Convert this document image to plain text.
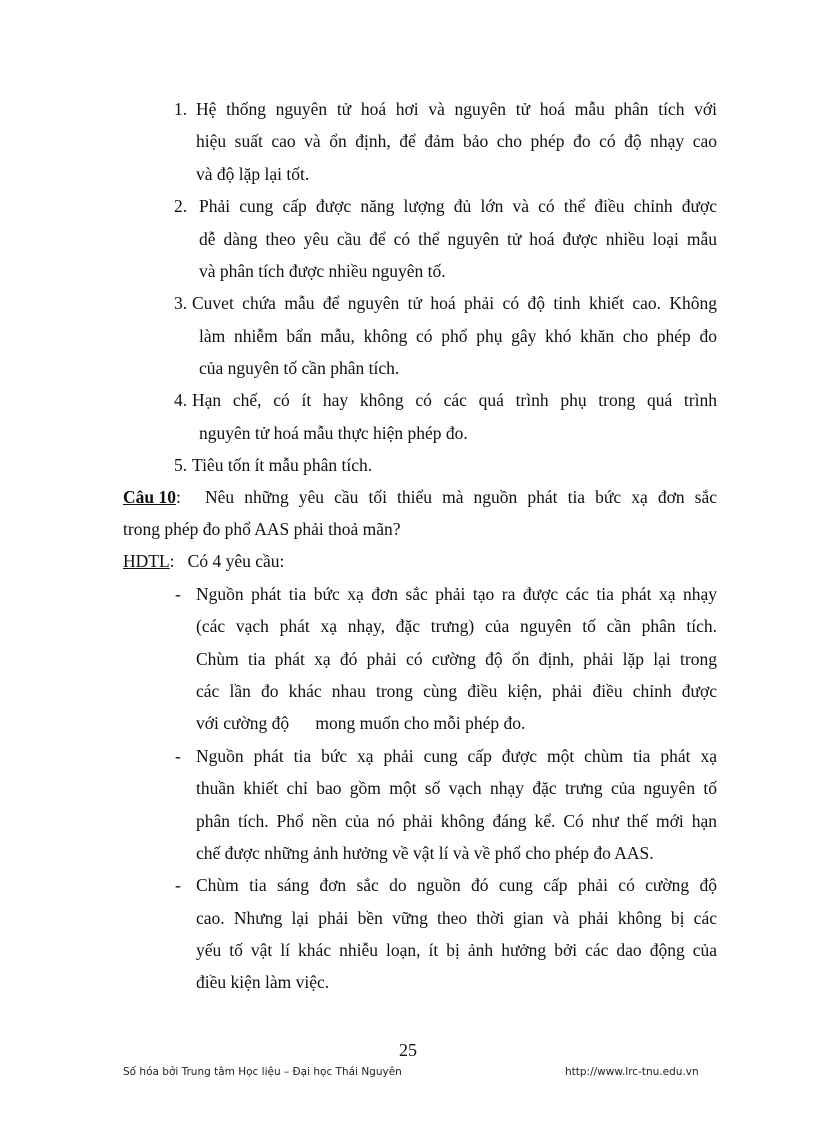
1. Hệ thống nguyên tử hoá hơi và nguyên tử hoá mẫu phân tích với
hiệu suất cao và ổn định, để đảm bảo cho phép đo có độ nhạy cao
và độ lặp lại tốt.
2. Phải cung cấp được năng lượng đủ lớn và có thể điều chỉnh được
dễ dàng theo yêu cầu để có thể nguyên tử hoá được nhiều loại mẫu
và phân tích được nhiều nguyên tố.
3. Cuvet chứa mẫu để nguyên tử hoá phải có độ tinh khiết cao. Không
làm nhiễm bẩn mẫu, không có phổ phụ gây khó khăn cho phép đo
của nguyên tố cần phân tích.
4. Hạn chế, có ít hay không có các quá trình phụ trong quá trình
nguyên tử hoá mẫu thực hiện phép đo.
5. Tiêu tốn ít mẫu phân tích.
Câu 10: Nêu những yêu cầu tối thiểu mà nguồn phát tia bức xạ đơn sắc
trong phép đo phổ AAS phải thoả mãn?
HDTL:   Có 4 yêu cầu:
- Nguồn phát tia bức xạ đơn sắc phải tạo ra được các tia phát xạ nhạy
(các vạch phát xạ nhạy, đặc trưng) của nguyên tố cần phân tích.
Chùm tia phát xạ đó phải có cường độ ổn định, phải lặp lại trong
các lần đo khác nhau trong cùng điều kiện, phải điều chỉnh được
với cường độ      mong muốn cho mỗi phép đo.
- Nguồn phát tia bức xạ phải cung cấp được một chùm tia phát xạ
thuần khiết chỉ bao gồm một số vạch nhạy đặc trưng của nguyên tố
phân tích. Phổ nền của nó phải không đáng kể. Có như thế mới hạn
chế được những ảnh hưởng về vật lí và về phổ cho phép đo AAS.
- Chùm tia sáng đơn sắc do nguồn đó cung cấp phải có cường độ
cao. Nhưng lại phải bền vững theo thời gian và phải không bị các
yếu tố vật lí khác nhiễu loạn, ít bị ảnh hưởng bởi các dao động của
điều kiện làm việc.
25
Số hóa bởi Trung tâm Học liệu – Đại học Thái Nguyên	http://www.lrc-tnu.edu.vn
